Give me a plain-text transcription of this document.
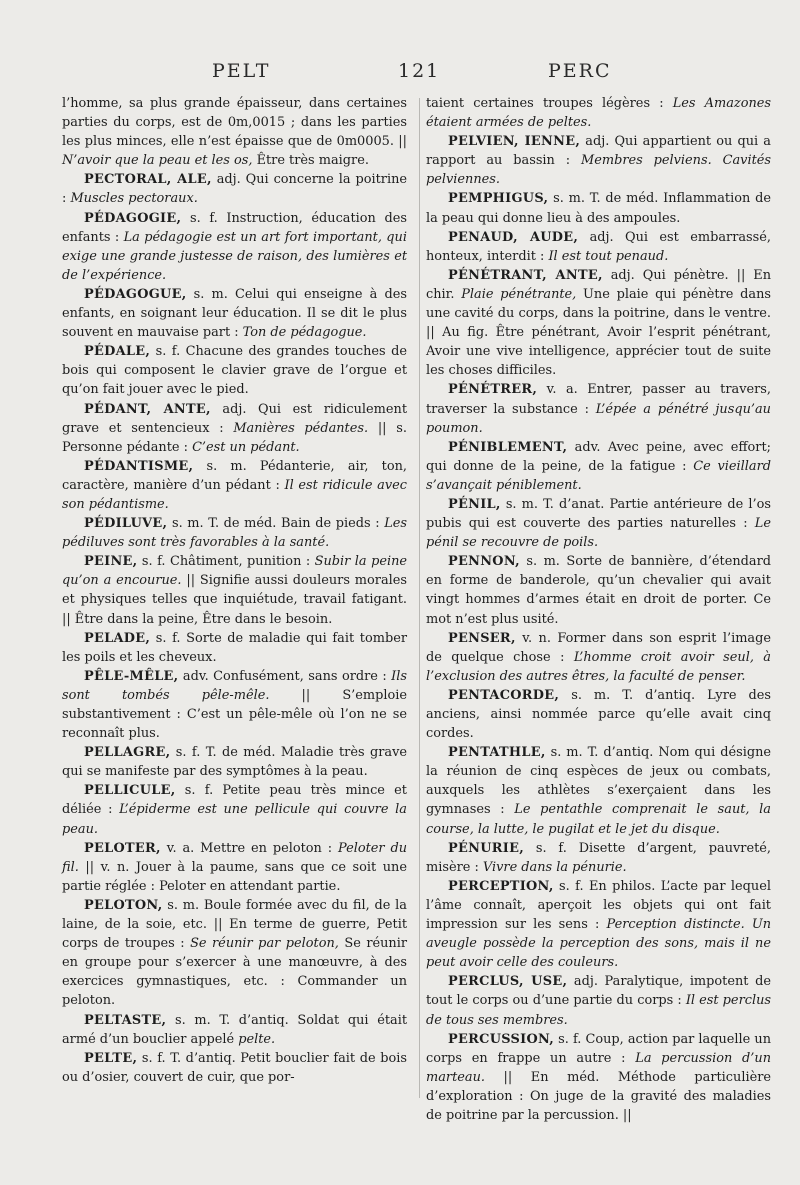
PELT	121	PERC

l’homme, sa plus grande épaisseur, dans certaines parties du corps, est de 0m,0015 ; dans les parties les plus minces, elle n’est épaisse que de 0m0005. || N’avoir que la peau et les os, Être très maigre.

PECTORAL, ALE, adj. Qui concerne la poitrine : Muscles pectoraux.

PÉDAGOGIE, s. f. Instruction, éducation des enfants : La pédagogie est un art fort important, qui exige une grande justesse de raison, des lumières et de l’expérience.

PÉDAGOGUE, s. m. Celui qui enseigne à des enfants, en soignant leur éducation. Il se dit le plus souvent en mauvaise part : Ton de pédagogue.

PÉDALE, s. f. Chacune des grandes touches de bois qui composent le clavier grave de l’orgue et qu’on fait jouer avec le pied.

PÉDANT, ANTE, adj. Qui est ridiculement grave et sentencieux : Manières pédantes. || s. Personne pédante : C’est un pédant.

PÉDANTISME, s. m. Pédanterie, air, ton, caractère, manière d’un pédant : Il est ridicule avec son pédantisme.

PÉDILUVE, s. m. T. de méd. Bain de pieds : Les pédiluves sont très favorables à la santé.

PEINE, s. f. Châtiment, punition : Subir la peine qu’on a encourue. || Signifie aussi douleurs morales et physiques telles que inquiétude, travail fatigant. || Être dans la peine, Être dans le besoin.

PELADE, s. f. Sorte de maladie qui fait tomber les poils et les cheveux.

PÊLE-MÊLE, adv. Confusément, sans ordre : Ils sont tombés pêle-mêle. || S’emploie substantivement : C’est un pêle-mêle où l’on ne se reconnaît plus.

PELLAGRE, s. f. T. de méd. Maladie très grave qui se manifeste par des symptômes à la peau.

PELLICULE, s. f. Petite peau très mince et déliée : L’épiderme est une pellicule qui couvre la peau.

PELOTER, v. a. Mettre en peloton : Peloter du fil. || v. n. Jouer à la paume, sans que ce soit une partie réglée : Peloter en attendant partie.

PELOTON, s. m. Boule formée avec du fil, de la laine, de la soie, etc. || En terme de guerre, Petit corps de troupes : Se réunir par peloton, Se réunir en groupe pour s’exercer à une manœuvre, à des exercices gymnastiques, etc. : Commander un peloton.

PELTASTE, s. m. T. d’antiq. Soldat qui était armé d’un bouclier appelé pelte.

PELTE, s. f. T. d’antiq. Petit bouclier fait de bois ou d’osier, couvert de cuir, que por-

taient certaines troupes légères : Les Amazones étaient armées de peltes.

PELVIEN, IENNE, adj. Qui appartient ou qui a rapport au bassin : Membres pelviens. Cavités pelviennes.

PEMPHIGUS, s. m. T. de méd. Inflammation de la peau qui donne lieu à des ampoules.

PENAUD, AUDE, adj. Qui est embarrassé, honteux, interdit : Il est tout penaud.

PÉNÉTRANT, ANTE, adj. Qui pénètre. || En chir. Plaie pénétrante, Une plaie qui pénètre dans une cavité du corps, dans la poitrine, dans le ventre. || Au fig. Être pénétrant, Avoir l’esprit pénétrant, Avoir une vive intelligence, apprécier tout de suite les choses difficiles.

PÉNÉTRER, v. a. Entrer, passer au travers, traverser la substance : L’épée a pénétré jusqu’au poumon.

PÉNIBLEMENT, adv. Avec peine, avec effort; qui donne de la peine, de la fatigue : Ce vieillard s’avançait péniblement.

PÉNIL, s. m. T. d’anat. Partie antérieure de l’os pubis qui est couverte des parties naturelles : Le pénil se recouvre de poils.

PENNON, s. m. Sorte de bannière, d’étendard en forme de banderole, qu’un chevalier qui avait vingt hommes d’armes était en droit de porter. Ce mot n’est plus usité.

PENSER, v. n. Former dans son esprit l’image de quelque chose : L’homme croit avoir seul, à l’exclusion des autres êtres, la faculté de penser.

PENTACORDE, s. m. T. d’antiq. Lyre des anciens, ainsi nommée parce qu’elle avait cinq cordes.

PENTATHLE, s. m. T. d’antiq. Nom qui désigne la réunion de cinq espèces de jeux ou combats, auxquels les athlètes s’exerçaient dans les gymnases : Le pentathle comprenait le saut, la course, la lutte, le pugilat et le jet du disque.

PÉNURIE, s. f. Disette d’argent, pauvreté, misère : Vivre dans la pénurie.

PERCEPTION, s. f. En philos. L’acte par lequel l’âme connaît, aperçoit les objets qui ont fait impression sur les sens : Perception distincte. Un aveugle possède la perception des sons, mais il ne peut avoir celle des couleurs.

PERCLUS, USE, adj. Paralytique, impotent de tout le corps ou d’une partie du corps : Il est perclus de tous ses membres.

PERCUSSION, s. f. Coup, action par laquelle un corps en frappe un autre : La percussion d’un marteau. || En méd. Méthode particulière d’exploration : On juge de la gravité des maladies de poitrine par la percussion. ||
